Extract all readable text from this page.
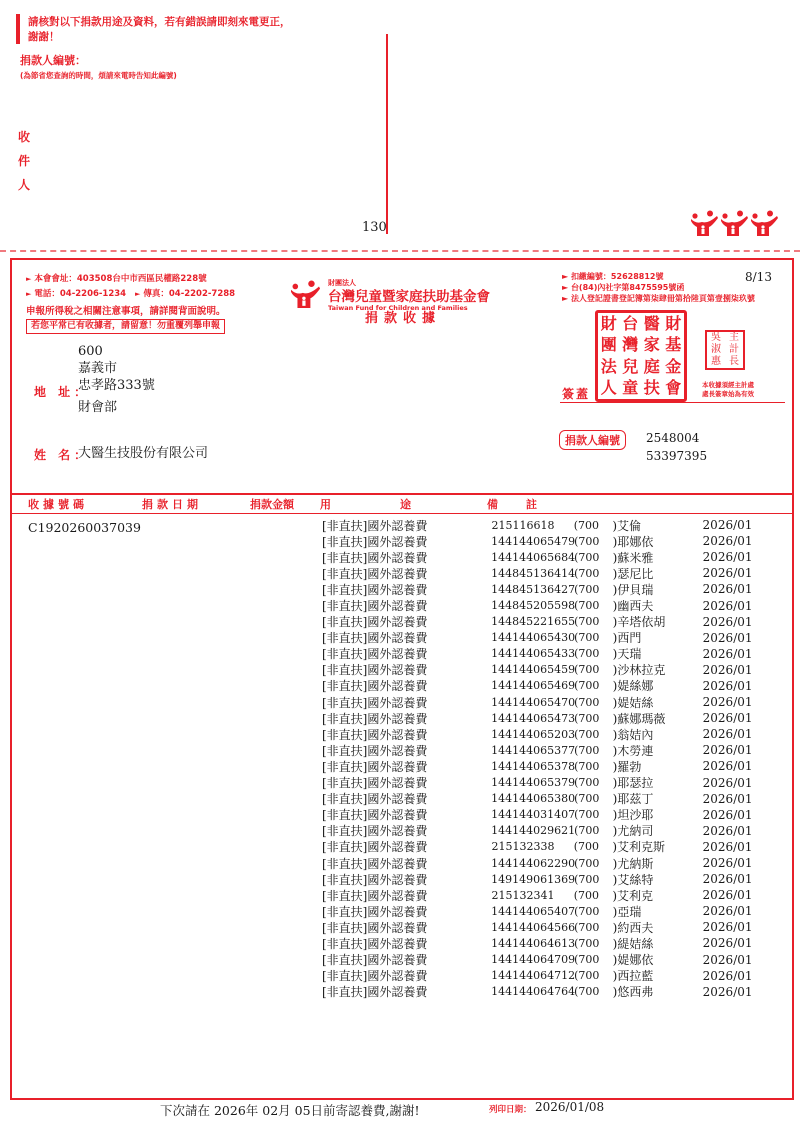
請核對以下捐款用途及資料，若有錯誤請即刻來電更正，
謝謝！
捐款人編號：
(為節省您查詢的時間，煩請來電時告知此編號)
收
件
人
130
► 本會會址：403508台中市西區民權路228號
► 電話：04-2206-1234 ► 傳真：04-2202-7288
申報所得稅之相關注意事項，請詳閱背面說明。
若您平常已有收據者，請留意！勿重覆列舉申報
財團法人
台灣兒童暨家庭扶助基金會
Taiwan Fund for Children and Families
捐款收據
► 扣繳編號：52628812號
► 台(84)內社字第8475595號函
► 法人登記證書登記簿第柒肆冊第拾陸頁第壹捌柒玖號
8/13
財 台 醫 財
團 灣 家 基
法 兒 庭 金
人 童 扶 會
吳 主
淑 計
惠 長
簽蓋
本收據須經主計處
處長簽章始為有效
地 址：
600
嘉義市
忠孝路333號
財會部
姓 名：
大醫生技股份有限公司
捐款人編號	2548004
53397395
收據號碼	捐款日期	捐款金額 用	途	備	註
C1920260037039	[非直扶]國外認養費	215116618	(700	)艾倫	2026/01
[非直扶]國外認養費	144144065479 (700	)耶娜依	2026/01
[非直扶]國外認養費	144144065684 (700	)蘇米雅	2026/01
[非直扶]國外認養費	144845136414 (700	)瑟尼比	2026/01
[非直扶]國外認養費	144845136427 (700	)伊貝瑞	2026/01
[非直扶]國外認養費	144845205598 (700	)幽西夫	2026/01
[非直扶]國外認養費	144845221655 (700	)辛塔依胡	2026/01
[非直扶]國外認養費	144144065430 (700	)西門	2026/01
[非直扶]國外認養費	144144065433 (700	)天瑞	2026/01
[非直扶]國外認養費	144144065459 (700	)沙林拉克	2026/01
[非直扶]國外認養費	144144065469 (700	)媞絲娜	2026/01
[非直扶]國外認養費	144144065470 (700	)媞姞絲	2026/01
[非直扶]國外認養費	144144065473 (700	)蘇娜瑪薇	2026/01
[非直扶]國外認養費	144144065203 (700	)翁姞內	2026/01
[非直扶]國外認養費	144144065377 (700	)木勞連	2026/01
[非直扶]國外認養費	144144065378 (700	)羅勃	2026/01
[非直扶]國外認養費	144144065379 (700	)耶瑟拉	2026/01
[非直扶]國外認養費	144144065380 (700	)耶茲丁	2026/01
[非直扶]國外認養費	144144031407 (700	)坦沙耶	2026/01
[非直扶]國外認養費	144144029621 (700	)尤納司	2026/01
[非直扶]國外認養費	215132338	(700	)艾利克斯	2026/01
[非直扶]國外認養費	144144062290 (700	)尤納斯	2026/01
[非直扶]國外認養費	149149061369 (700	)艾絲特	2026/01
[非直扶]國外認養費	215132341	(700	)艾利克	2026/01
[非直扶]國外認養費	144144065407 (700	)亞瑞	2026/01
[非直扶]國外認養費	144144064566 (700	)約西夫	2026/01
[非直扶]國外認養費	144144064613 (700	)緹姞絲	2026/01
[非直扶]國外認養費	144144064709 (700	)媞娜依	2026/01
[非直扶]國外認養費	144144064712 (700	)西拉藍	2026/01
[非直扶]國外認養費	144144064764 (700	)悠西弗	2026/01
下次請在 2026年 02月 05日前寄認養費,謝謝!	列印日期： 2026/01/08
